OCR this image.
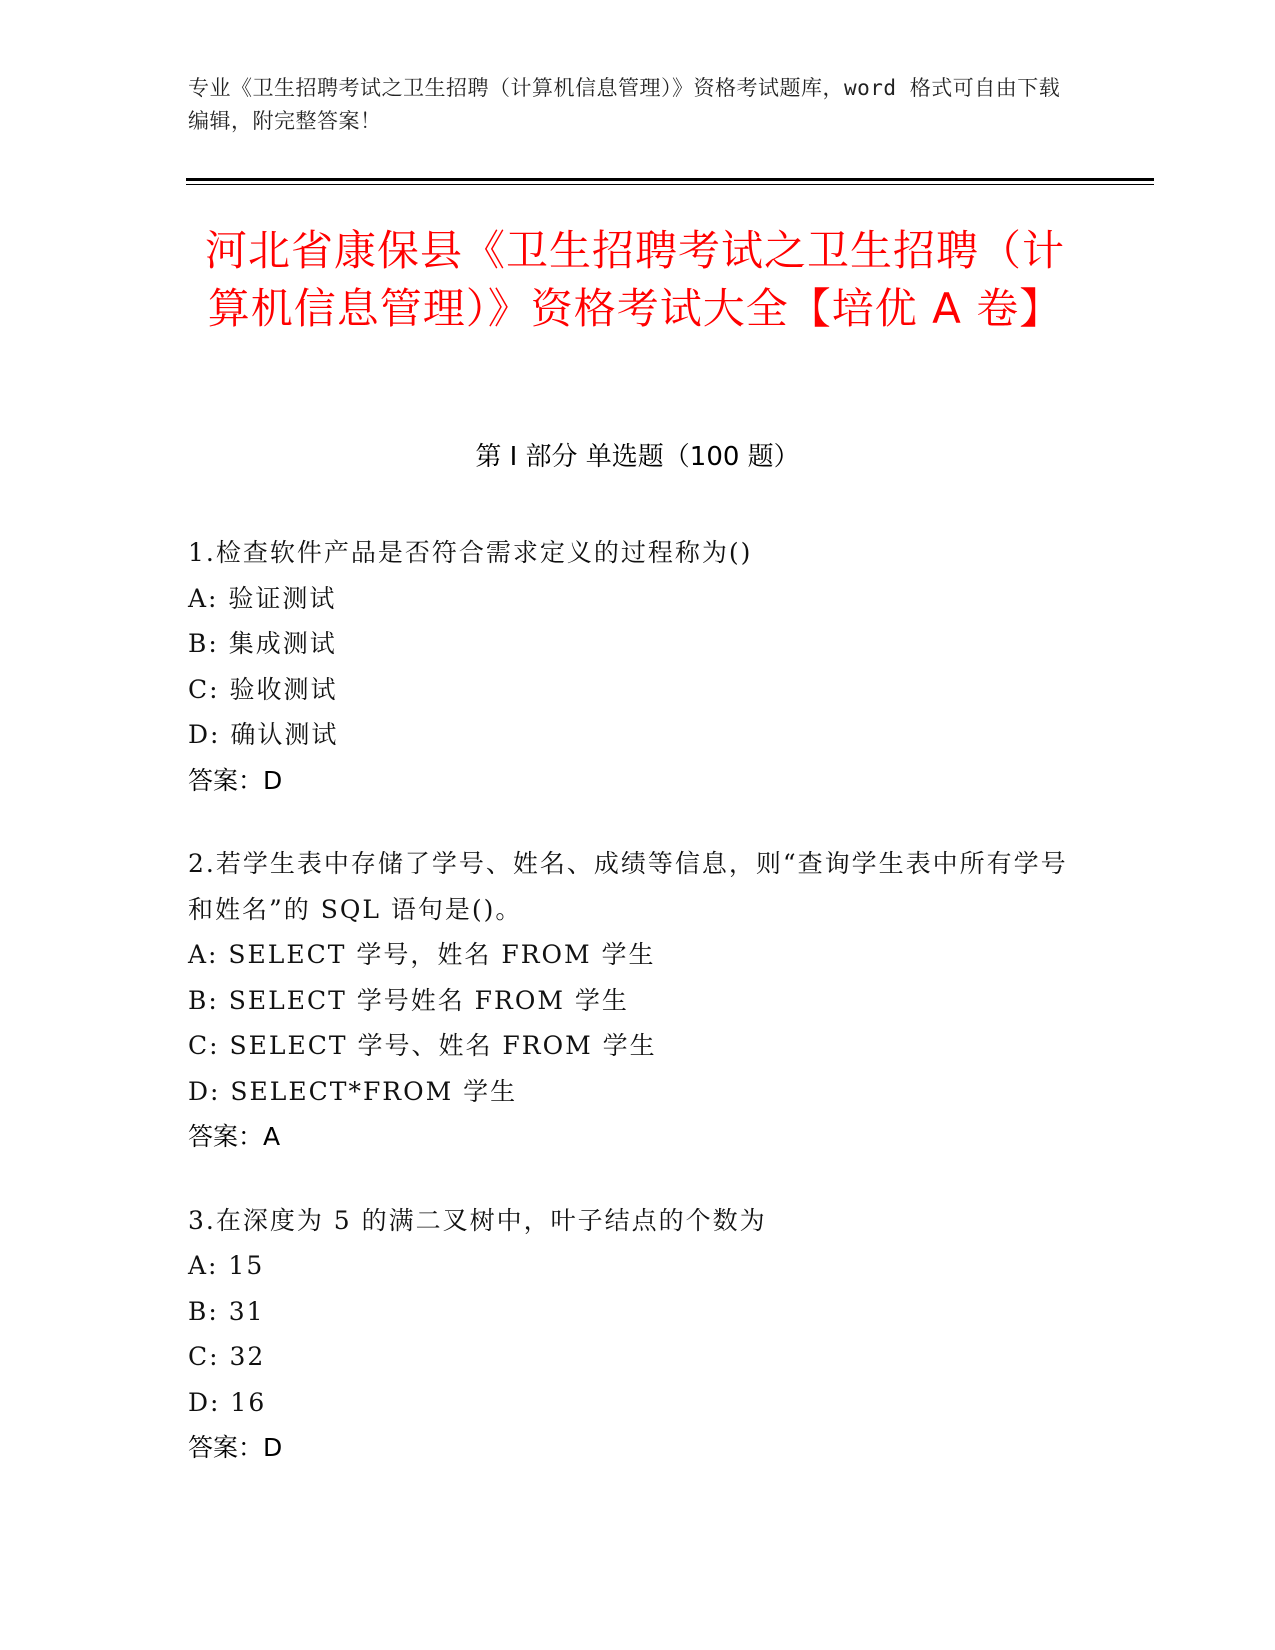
专业《卫生招聘考试之卫生招聘（计算机信息管理）》资格考试题库，word 格式可自由下载编辑，附完整答案！
河北省康保县《卫生招聘考试之卫生招聘（计算机信息管理）》资格考试大全【培优 A 卷】
第 I 部分 单选题（100 题）
1.检查软件产品是否符合需求定义的过程称为()
A: 验证测试
B: 集成测试
C: 验收测试
D: 确认测试
答案：D
2.若学生表中存储了学号、姓名、成绩等信息，则“查询学生表中所有学号和姓名”的 SQL 语句是()。
A: SELECT 学号，姓名 FROM 学生
B: SELECT 学号姓名 FROM 学生
C: SELECT 学号、姓名 FROM 学生
D: SELECT*FROM 学生
答案：A
3.在深度为 5 的满二叉树中，叶子结点的个数为
A: 15
B: 31
C: 32
D: 16
答案：D
